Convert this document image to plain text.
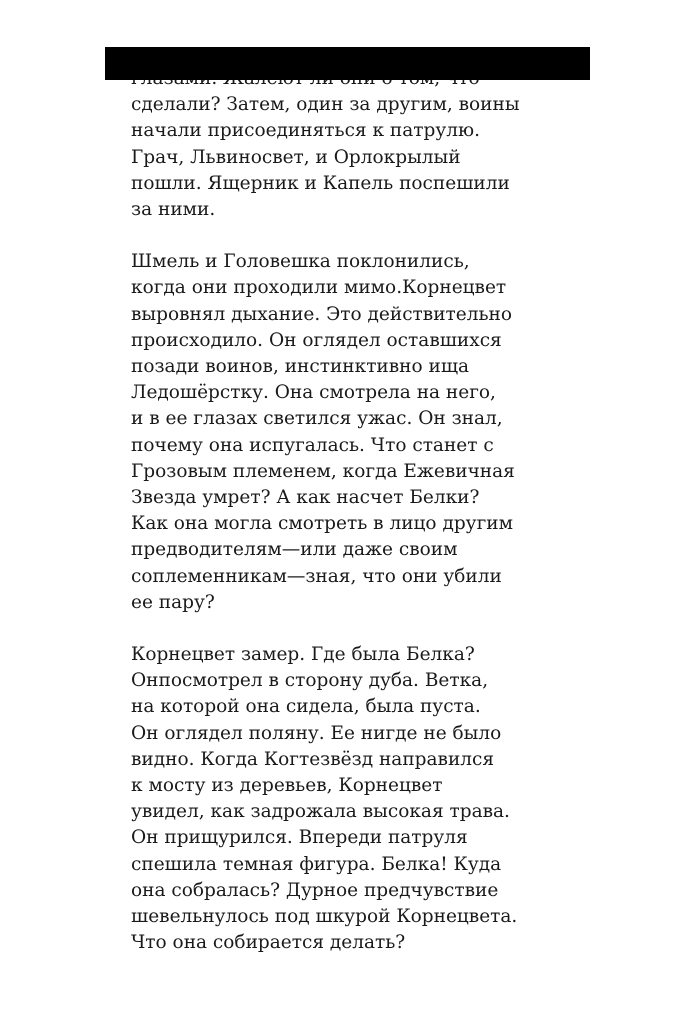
сделали? Затем, один за другим, воины
начали присоединяться к патрулю.
Грач, Львиносвет, и Орлокрылый
пошли. Ящерник и Капель поспешили
за ними.

Шмель и Головешка поклонились,
когда они проходили мимо.Корнецвет
выровнял дыхание. Это действительно
происходило. Он оглядел оставшихся
позади воинов, инстинктивно ища
Ледошёрстку. Она смотрела на него,
и в ее глазах светился ужас. Он знал,
почему она испугалась. Что станет с
Грозовым племенем, когда Ежевичная
Звезда умрет? А как насчет Белки?
Как она могла смотреть в лицо другим
предводителям—или даже своим
соплеменникам—зная, что они убили
ее пару?

Корнецвет замер. Где была Белка?
Онпосмотрел в сторону дуба. Ветка,
на которой она сидела, была пуста.
Он оглядел поляну. Ее нигде не было
видно. Когда Когтезвёзд направился
к мосту из деревьев, Корнецвет
увидел, как задрожала высокая трава.
Он прищурился. Впереди патруля
спешила темная фигура. Белка! Куда
она собралась? Дурное предчувствие
шевельнулось под шкурой Корнецвета.
Что она собирается делать?
